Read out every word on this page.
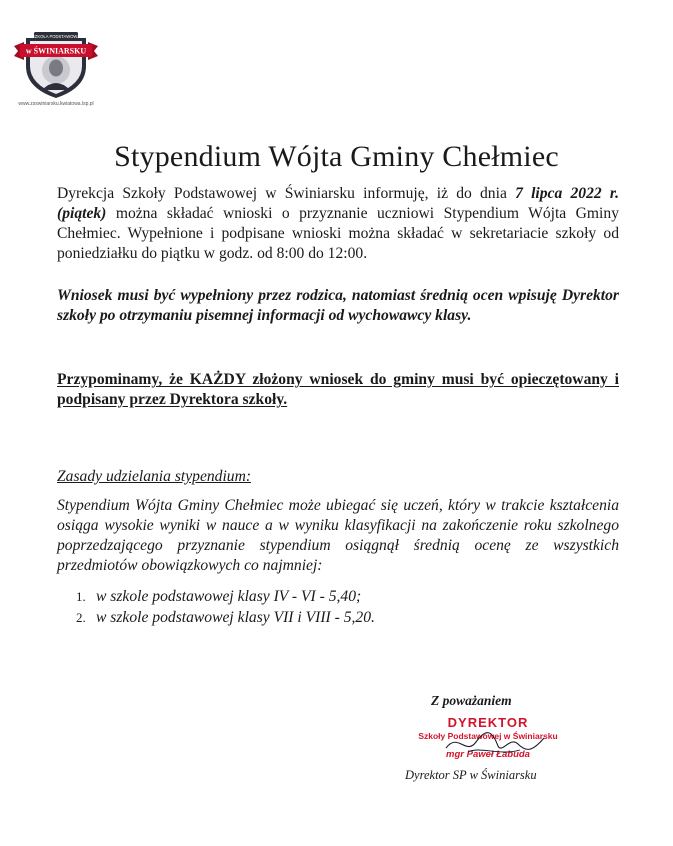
SZKOŁA PODSTAWOWA
w ŚWINIARSKU
www.zsswiniarsku.kwiatowa.lsp.pl
Stypendium Wójta Gminy Chełmiec

Dyrekcja Szkoły Podstawowej w Świniarsku informuję, iż do dnia 7 lipca 2022 r. (piątek) można składać wnioski o przyznanie uczniowi Stypendium Wójta Gminy Chełmiec. Wypełnione i podpisane wnioski można składać w sekretariacie szkoły od poniedziałku do piątku w godz. od 8:00 do 12:00.

Wniosek musi być wypełniony przez rodzica, natomiast średnią ocen wpisuję Dyrektor szkoły po otrzymaniu pisemnej informacji od wychowawcy klasy.

Przypominamy, że KAŻDY złożony wniosek do gminy musi być opieczętowany i podpisany przez Dyrektora szkoły.

Zasady udzielania stypendium:

Stypendium Wójta Gminy Chełmiec może ubiegać się uczeń, który w trakcie kształcenia osiąga wysokie wyniki w nauce a w wyniku klasyfikacji na zakończenie roku szkolnego poprzedzającego przyznanie stypendium osiągnął średnią ocenę ze wszystkich przedmiotów obowiązkowych co najmniej:

1. w szkole podstawowej klasy IV - VI - 5,40;
2. w szkole podstawowej klasy VII i VIII - 5,20.

Z poważaniem

DYREKTOR
Szkoły Podstawowej w Świniarsku
mgr Paweł Łabuda

Dyrektor SP w Świniarsku
